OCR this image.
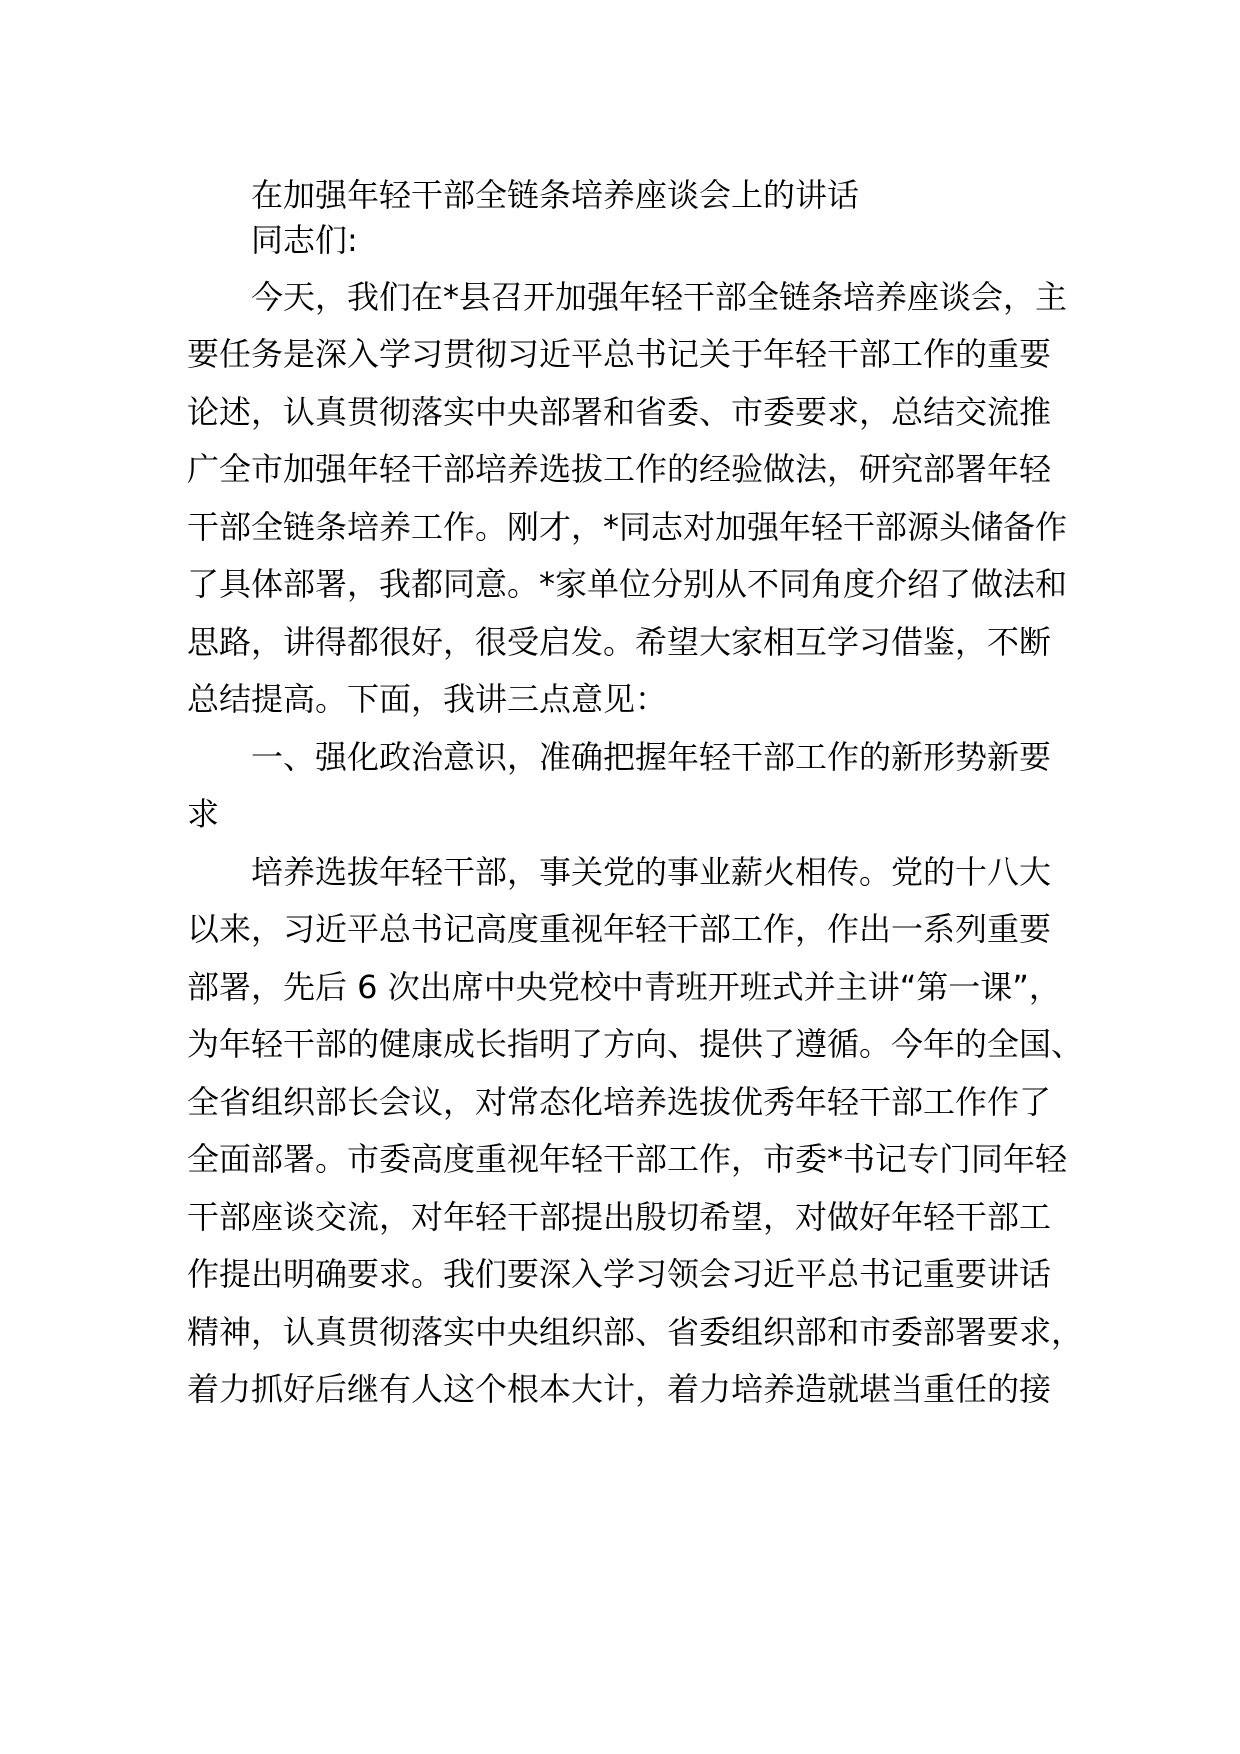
在加强年轻干部全链条培养座谈会上的讲话
同志们:
今天，我们在*县召开加强年轻干部全链条培养座谈会，主
要任务是深入学习贯彻习近平总书记关于年轻干部工作的重要
论述，认真贯彻落实中央部署和省委、市委要求，总结交流推
广全市加强年轻干部培养选拔工作的经验做法，研究部署年轻
干部全链条培养工作。刚才，*同志对加强年轻干部源头储备作
了具体部署，我都同意。*家单位分别从不同角度介绍了做法和
思路，讲得都很好，很受启发。希望大家相互学习借鉴，不断
总结提高。下面，我讲三点意见：
一、强化政治意识，准确把握年轻干部工作的新形势新要
求
培养选拔年轻干部，事关党的事业薪火相传。党的十八大
以来，习近平总书记高度重视年轻干部工作，作出一系列重要
部署，先后 6 次出席中央党校中青班开班式并主讲“第一课”，
为年轻干部的健康成长指明了方向、提供了遵循。今年的全国、
全省组织部长会议，对常态化培养选拔优秀年轻干部工作作了
全面部署。市委高度重视年轻干部工作，市委*书记专门同年轻
干部座谈交流，对年轻干部提出殷切希望，对做好年轻干部工
作提出明确要求。我们要深入学习领会习近平总书记重要讲话
精神，认真贯彻落实中央组织部、省委组织部和市委部署要求，
着力抓好后继有人这个根本大计，着力培养造就堪当重任的接
